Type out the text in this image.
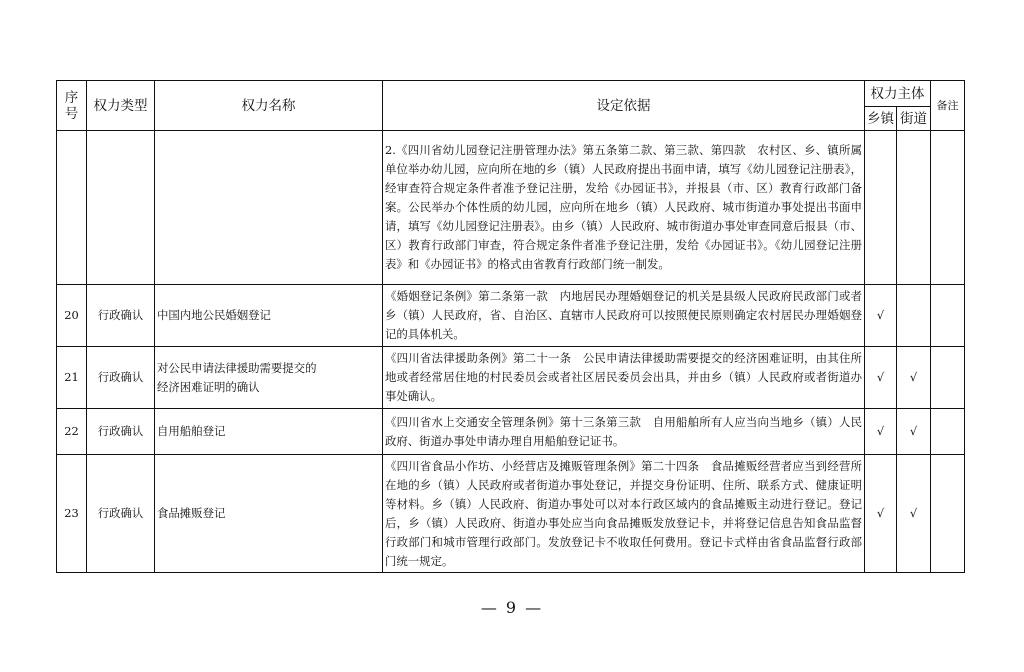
序号	权力类型	权力名称	设定依据	权力主体		备注
				乡镇	街道	
			2.《四川省幼儿园登记注册管理办法》第五条第二款、第三款、第四款　农村区、乡、镇所属单位举办幼儿园，应向所在地的乡（镇）人民政府提出书面申请，填写《幼儿园登记注册表》，经审查符合规定条件者准予登记注册，发给《办园证书》，并报县（市、区）教育行政部门备案。公民举办个体性质的幼儿园，应向所在地乡（镇）人民政府、城市街道办事处提出书面申请，填写《幼儿园登记注册表》。由乡（镇）人民政府、城市街道办事处审查同意后报县（市、区）教育行政部门审查，符合规定条件者准予登记注册，发给《办园证书》。《幼儿园登记注册表》和《办园证书》的格式由省教育行政部门统一制发。			
20	行政确认	中国内地公民婚姻登记	《婚姻登记条例》第二条第一款　内地居民办理婚姻登记的机关是县级人民政府民政部门或者乡（镇）人民政府，省、自治区、直辖市人民政府可以按照便民原则确定农村居民办理婚姻登记的具体机关。	√		
21	行政确认	对公民申请法律援助需要提交的经济困难证明的确认	《四川省法律援助条例》第二十一条　公民申请法律援助需要提交的经济困难证明，由其住所地或者经常居住地的村民委员会或者社区居民委员会出具，并由乡（镇）人民政府或者街道办事处确认。	√	√	
22	行政确认	自用船舶登记	《四川省水上交通安全管理条例》第十三条第三款　自用船舶所有人应当向当地乡（镇）人民政府、街道办事处申请办理自用船舶登记证书。	√	√	
23	行政确认	食品摊贩登记	《四川省食品小作坊、小经营店及摊贩管理条例》第二十四条　食品摊贩经营者应当到经营所在地的乡（镇）人民政府或者街道办事处登记，并提交身份证明、住所、联系方式、健康证明等材料。乡（镇）人民政府、街道办事处可以对本行政区域内的食品摊贩主动进行登记。登记后，乡（镇）人民政府、街道办事处应当向食品摊贩发放登记卡，并将登记信息告知食品监督行政部门和城市管理行政部门。发放登记卡不收取任何费用。登记卡式样由省食品监督行政部门统一规定。	√	√	
— 9 —
